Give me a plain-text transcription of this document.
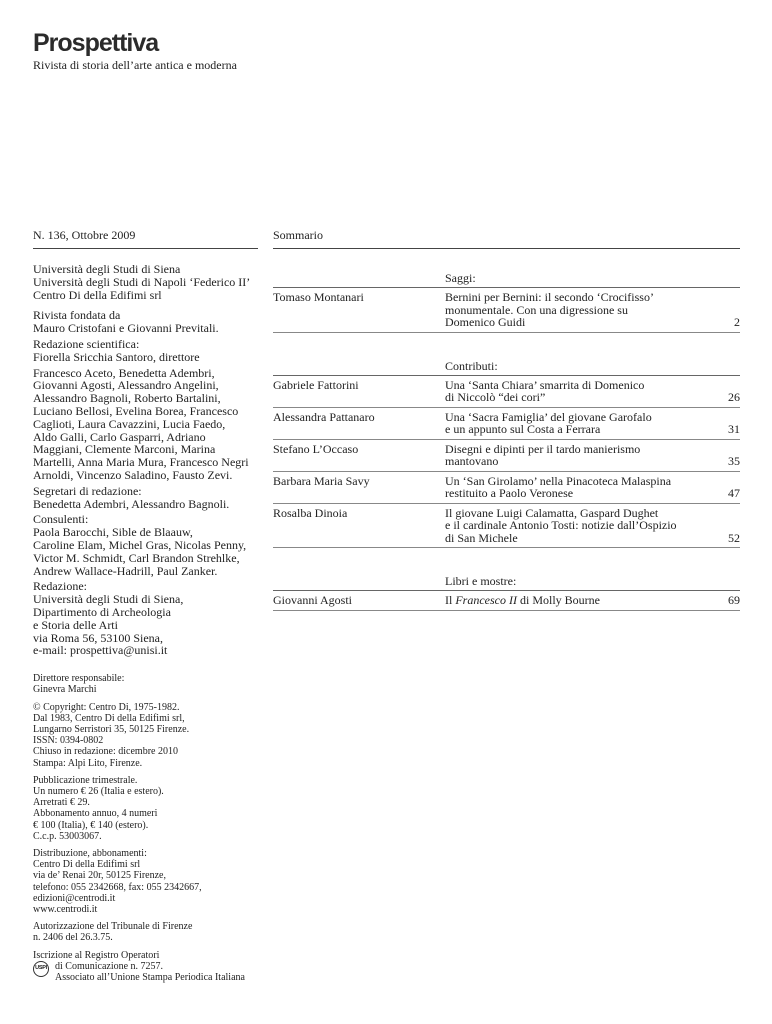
Prospettiva
Rivista di storia dell’arte antica e moderna
N. 136, Ottobre 2009
Università degli Studi di Siena
Università degli Studi di Napoli ‘Federico II’
Centro Di della Edifimi srl
Rivista fondata da
Mauro Cristofani e Giovanni Previtali.
Redazione scientifica:
Fiorella Sricchia Santoro, direttore
Francesco Aceto, Benedetta Adembri,
Giovanni Agosti, Alessandro Angelini,
Alessandro Bagnoli, Roberto Bartalini,
Luciano Bellosi, Evelina Borea, Francesco
Caglioti, Laura Cavazzini, Lucia Faedo,
Aldo Galli, Carlo Gasparri, Adriano
Maggiani, Clemente Marconi, Marina
Martelli, Anna Maria Mura, Francesco Negri
Arnoldi, Vincenzo Saladino, Fausto Zevi.
Segretari di redazione:
Benedetta Adembri, Alessandro Bagnoli.
Consulenti:
Paola Barocchi, Sible de Blaauw,
Caroline Elam, Michel Gras, Nicolas Penny,
Victor M. Schmidt, Carl Brandon Strehlke,
Andrew Wallace-Hadrill, Paul Zanker.
Redazione:
Università degli Studi di Siena,
Dipartimento di Archeologia
e Storia delle Arti
via Roma 56, 53100 Siena,
e-mail: prospettiva@unisi.it
Direttore responsabile:
Ginevra Marchi
© Copyright: Centro Di, 1975-1982.
Dal 1983, Centro Di della Edifimi srl,
Lungarno Serristori 35, 50125 Firenze.
ISSN: 0394-0802
Chiuso in redazione: dicembre 2010
Stampa: Alpi Lito, Firenze.
Pubblicazione trimestrale.
Un numero € 26 (Italia e estero).
Arretrati € 29.
Abbonamento annuo, 4 numeri
€ 100 (Italia), € 140 (estero).
C.c.p. 53003067.
Distribuzione, abbonamenti:
Centro Di della Edifimi srl
via de’ Renai 20r, 50125 Firenze,
telefono: 055 2342668, fax: 055 2342667,
edizioni@centrodi.it
www.centrodi.it
Autorizzazione del Tribunale di Firenze
n. 2406 del 26.3.75.
Iscrizione al Registro Operatori
USPI di Comunicazione n. 7257.
Associato all’Unione Stampa Periodica Italiana
Sommario
Saggi:
Tomaso Montanari	Bernini per Bernini: il secondo ‘Crocifisso’
monumentale. Con una digressione su
Domenico Guidi	2
Contributi:
Gabriele Fattorini	Una ‘Santa Chiara’ smarrita di Domenico
di Niccolò “dei cori”	26
Alessandra Pattanaro	Una ‘Sacra Famiglia’ del giovane Garofalo
e un appunto sul Costa a Ferrara	31
Stefano L’Occaso	Disegni e dipinti per il tardo manierismo
mantovano	35
Barbara Maria Savy	Un ‘San Girolamo’ nella Pinacoteca Malaspina
restituito a Paolo Veronese	47
Rosalba Dinoia	Il giovane Luigi Calamatta, Gaspard Dughet
e il cardinale Antonio Tosti: notizie dall’Ospizio
di San Michele	52
Libri e mostre:
Giovanni Agosti	Il Francesco II di Molly Bourne	69
